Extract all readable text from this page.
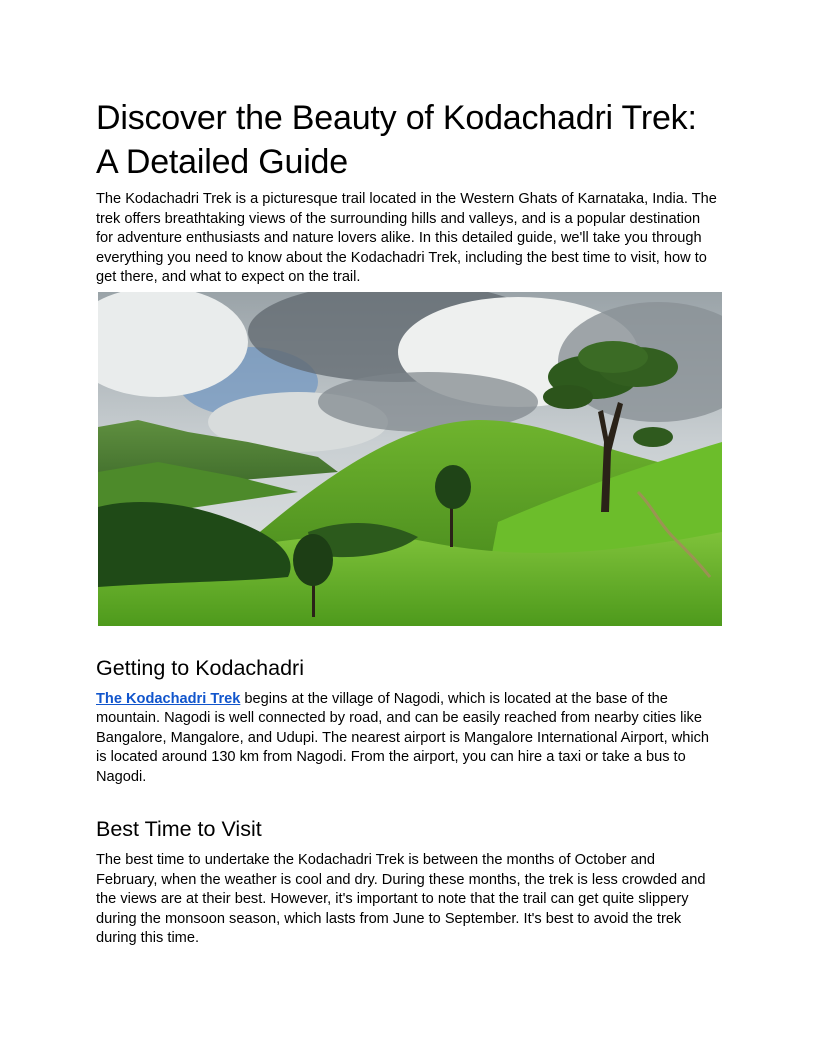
Discover the Beauty of Kodachadri Trek: A Detailed Guide

The Kodachadri Trek is a picturesque trail located in the Western Ghats of Karnataka, India. The trek offers breathtaking views of the surrounding hills and valleys, and is a popular destination for adventure enthusiasts and nature lovers alike. In this detailed guide, we'll take you through everything you need to know about the Kodachadri Trek, including the best time to visit, how to get there, and what to expect on the trail.

Getting to Kodachadri

The Kodachadri Trek begins at the village of Nagodi, which is located at the base of the mountain. Nagodi is well connected by road, and can be easily reached from nearby cities like Bangalore, Mangalore, and Udupi. The nearest airport is Mangalore International Airport, which is located around 130 km from Nagodi. From the airport, you can hire a taxi or take a bus to Nagodi.

Best Time to Visit

The best time to undertake the Kodachadri Trek is between the months of October and February, when the weather is cool and dry. During these months, the trek is less crowded and the views are at their best. However, it's important to note that the trail can get quite slippery during the monsoon season, which lasts from June to September. It's best to avoid the trek during this time.
